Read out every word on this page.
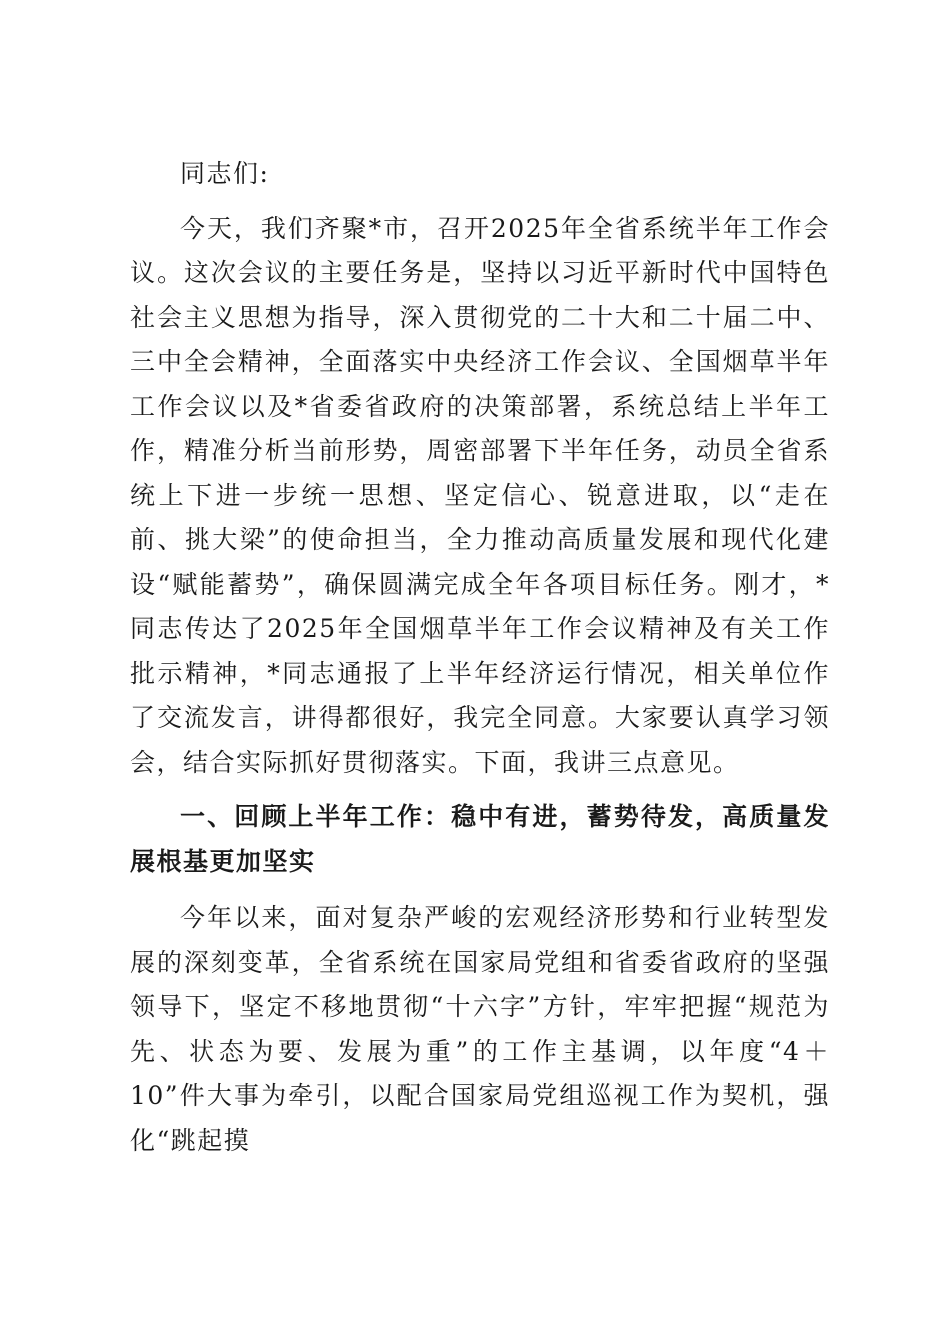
同志们:

今天，我们齐聚*市，召开2025年全省系统半年工作会议。这次会议的主要任务是，坚持以习近平新时代中国特色社会主义思想为指导，深入贯彻党的二十大和二十届二中、三中全会精神，全面落实中央经济工作会议、全国烟草半年工作会议以及*省委省政府的决策部署，系统总结上半年工作，精准分析当前形势，周密部署下半年任务，动员全省系统上下进一步统一思想、坚定信心、锐意进取，以“走在前、挑大梁”的使命担当，全力推动高质量发展和现代化建设“赋能蓄势”，确保圆满完成全年各项目标任务。刚才，*同志传达了2025年全国烟草半年工作会议精神及有关工作批示精神，*同志通报了上半年经济运行情况，相关单位作了交流发言，讲得都很好，我完全同意。大家要认真学习领会，结合实际抓好贯彻落实。下面，我讲三点意见。

一、回顾上半年工作：稳中有进，蓄势待发，高质量发展根基更加坚实

今年以来，面对复杂严峻的宏观经济形势和行业转型发展的深刻变革，全省系统在国家局党组和省委省政府的坚强领导下，坚定不移地贯彻“十六字”方针，牢牢把握“规范为先、状态为要、发展为重”的工作主基调，以年度“4＋10”件大事为牵引，以配合国家局党组巡视工作为契机，强化“跳起摸
